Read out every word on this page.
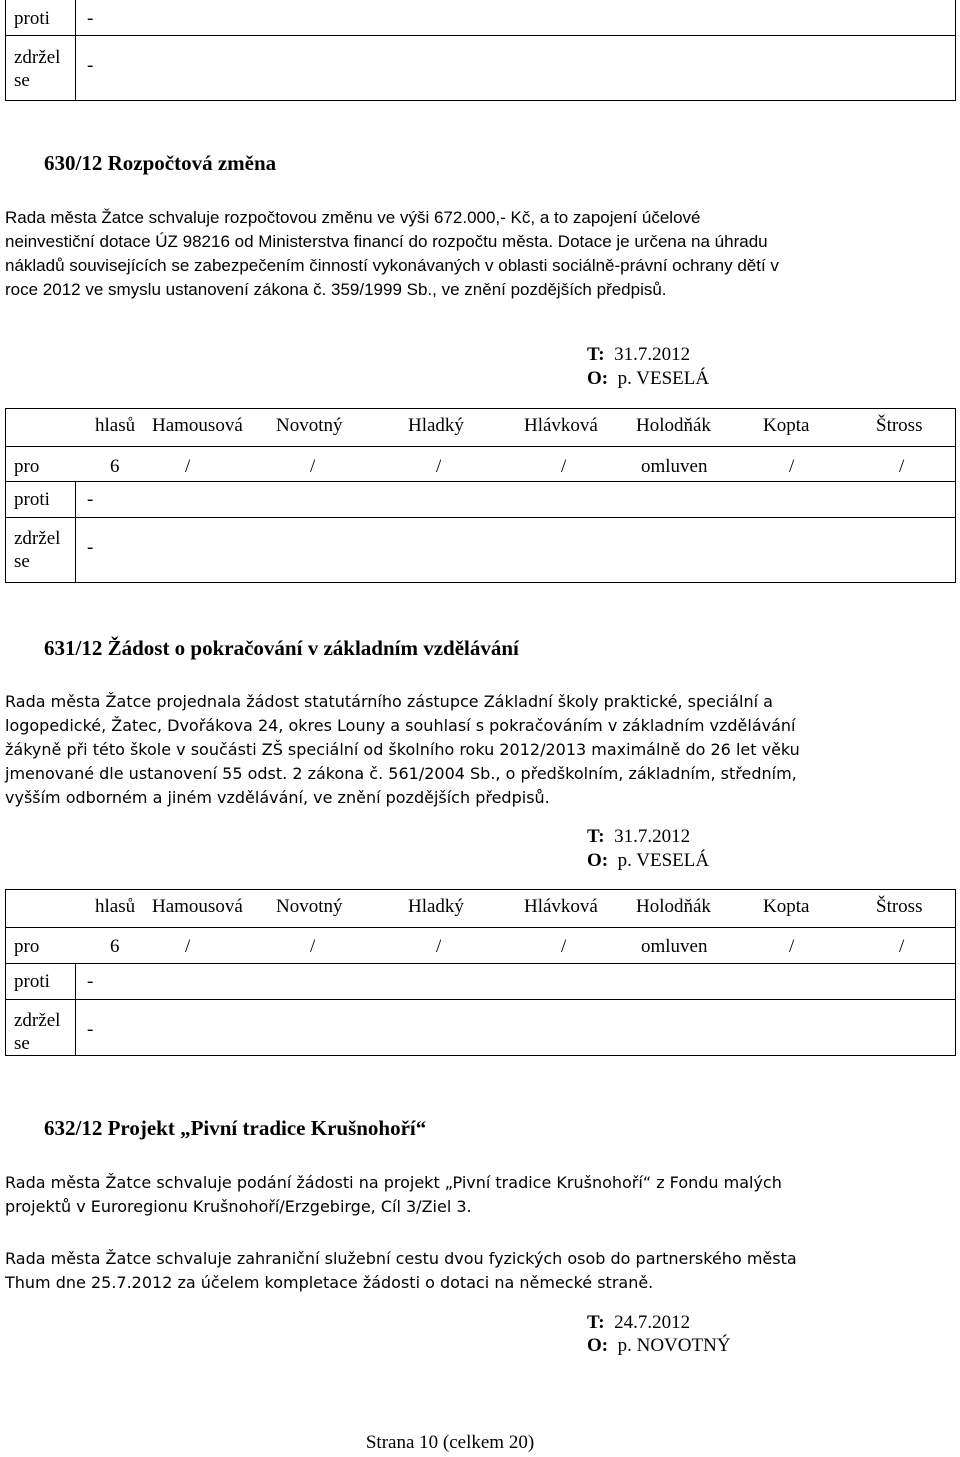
proti -
zdržel se
-
630/12 Rozpočtová změna
Rada města Žatce schvaluje rozpočtovou změnu ve výši 672.000,- Kč, a to zapojení účelové
neinvestiční dotace ÚZ 98216 od Ministerstva financí do rozpočtu města. Dotace je určena na úhradu
nákladů souvisejících se zabezpečením činností vykonávaných v oblasti sociálně-právní ochrany dětí v
roce 2012 ve smyslu ustanovení zákona č. 359/1999 Sb., ve znění pozdějších předpisů.
T: 31.7.2012
O: p. VESELÁ
hlasů Hamousová Novotný	Hladký	Hlávková Holodňák	Kopta	Štross
pro	6	/	/	/	/	omluven	/	/
proti -
zdržel se
-
631/12 Žádost o pokračování v základním vzdělávání
Rada města Žatce projednala žádost statutárního zástupce Základní školy praktické, speciální a
logopedické, Žatec, Dvořákova 24, okres Louny a souhlasí s pokračováním v základním vzdělávání
žákyně při této škole v součásti ZŠ speciální od školního roku 2012/2013 maximálně do 26 let věku
jmenované dle ustanovení 55 odst. 2 zákona č. 561/2004 Sb., o předškolním, základním, středním,
vyšším odborném a jiném vzdělávání, ve znění pozdějších předpisů.
T: 31.7.2012
O: p. VESELÁ
hlasů Hamousová Novotný	Hladký	Hlávková Holodňák	Kopta	Štross
pro	6	/	/	/	/	omluven	/	/
proti -
zdržel se
-
632/12 Projekt „Pivní tradice Krušnohoří“
Rada města Žatce schvaluje podání žádosti na projekt „Pivní tradice Krušnohoří“ z Fondu malých
projektů v Euroregionu Krušnohoří/Erzgebirge, Cíl 3/Ziel 3.
Rada města Žatce schvaluje zahraniční služební cestu dvou fyzických osob do partnerského města
Thum dne 25.7.2012 za účelem kompletace žádosti o dotaci na německé straně.
T: 24.7.2012
O: p. NOVOTNÝ
Strana 10 (celkem 20)
